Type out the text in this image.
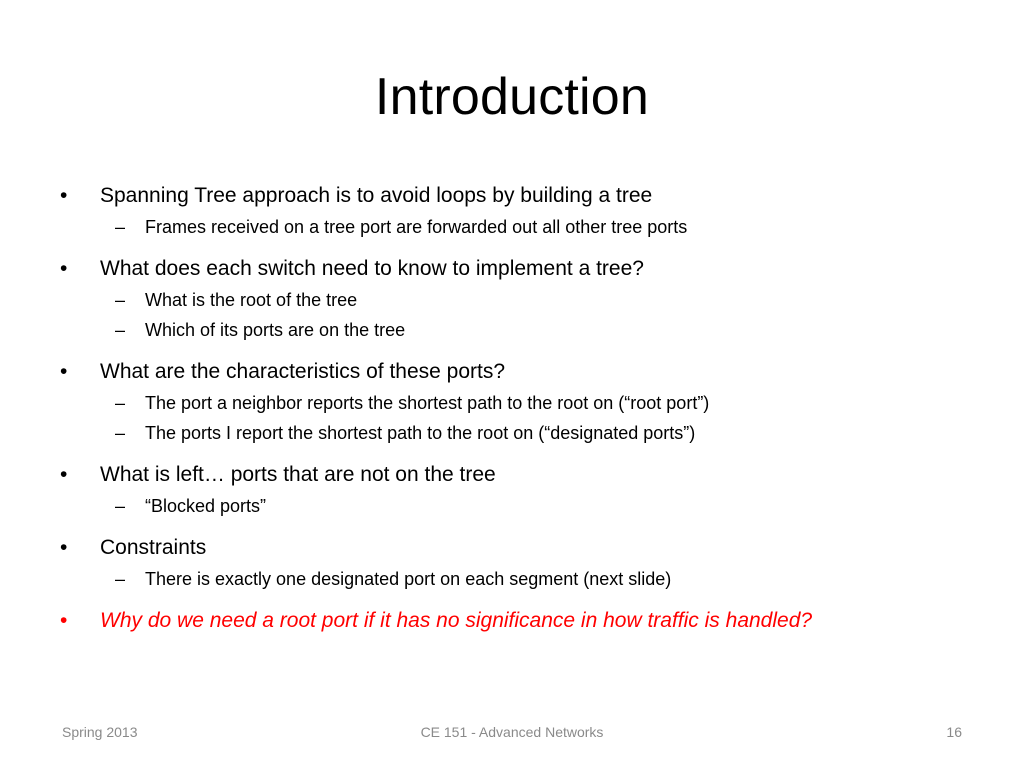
Introduction
•	Spanning Tree approach is to avoid loops by building a tree
–	Frames received on a tree port are forwarded out all other tree ports
•	What does each switch need to know to implement a tree?
–	What is the root of the tree
–	Which of its ports are on the tree
•	What are the characteristics of these ports?
–	The port a neighbor reports the shortest path to the root on (“root port”)
–	The ports I report the shortest path to the root on (“designated ports”)
•	What is left… ports that are not on the tree
–	“Blocked ports”
•	Constraints
–	There is exactly one designated port on each segment (next slide)
•	Why do we need a root port if it has no significance in how traffic is handled?
Spring 2013	CE 151 - Advanced Networks	16
